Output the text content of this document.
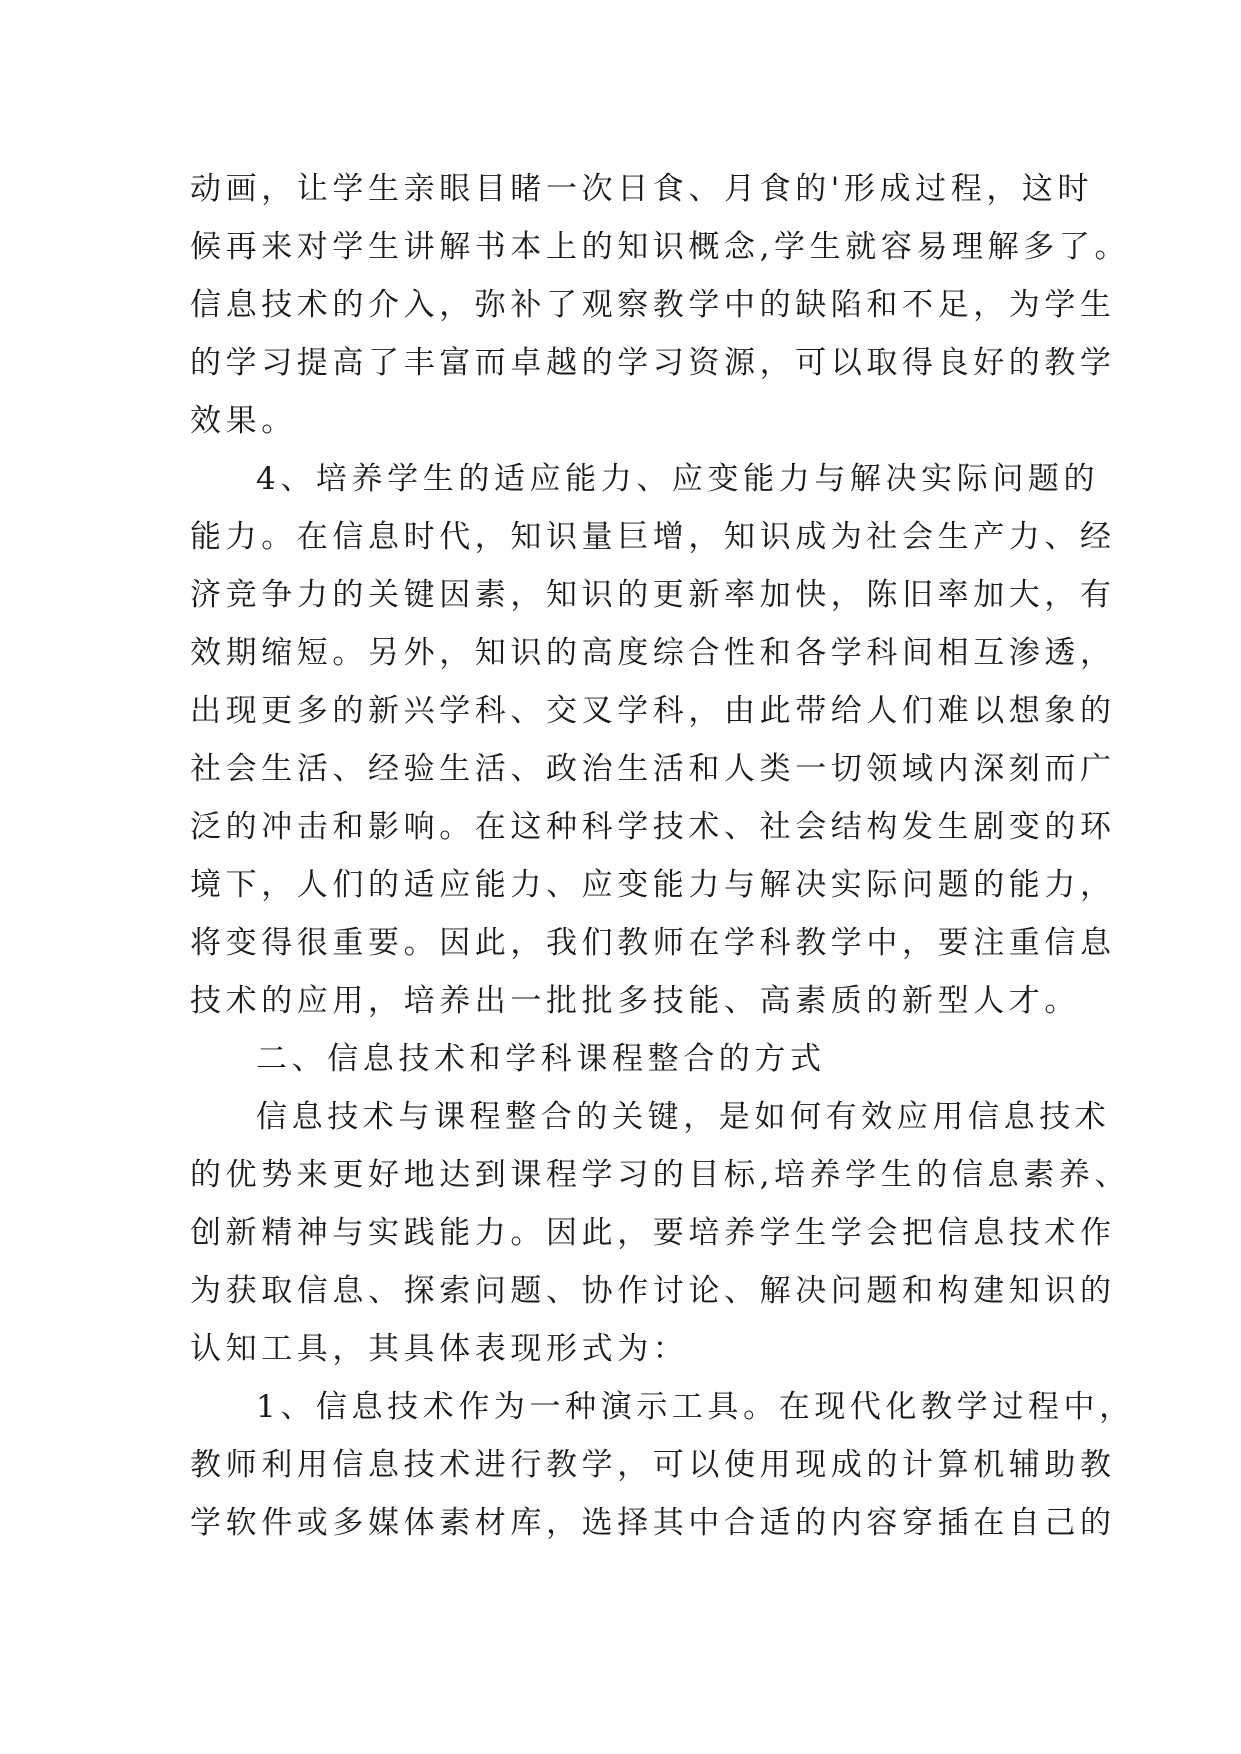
动画，让学生亲眼目睹一次日食、月食的'形成过程，这时
候再来对学生讲解书本上的知识概念,学生就容易理解多了。
信息技术的介入，弥补了观察教学中的缺陷和不足，为学生
的学习提高了丰富而卓越的学习资源，可以取得良好的教学
效果。
4、培养学生的适应能力、应变能力与解决实际问题的
能力。在信息时代，知识量巨增，知识成为社会生产力、经
济竞争力的关键因素，知识的更新率加快，陈旧率加大，有
效期缩短。另外，知识的高度综合性和各学科间相互渗透，
出现更多的新兴学科、交叉学科，由此带给人们难以想象的
社会生活、经验生活、政治生活和人类一切领域内深刻而广
泛的冲击和影响。在这种科学技术、社会结构发生剧变的环
境下，人们的适应能力、应变能力与解决实际问题的能力，
将变得很重要。因此，我们教师在学科教学中，要注重信息
技术的应用，培养出一批批多技能、高素质的新型人才。
二、信息技术和学科课程整合的方式
信息技术与课程整合的关键，是如何有效应用信息技术
的优势来更好地达到课程学习的目标,培养学生的信息素养、
创新精神与实践能力。因此，要培养学生学会把信息技术作
为获取信息、探索问题、协作讨论、解决问题和构建知识的
认知工具，其具体表现形式为：
1、信息技术作为一种演示工具。在现代化教学过程中，
教师利用信息技术进行教学，可以使用现成的计算机辅助教
学软件或多媒体素材库，选择其中合适的内容穿插在自己的
